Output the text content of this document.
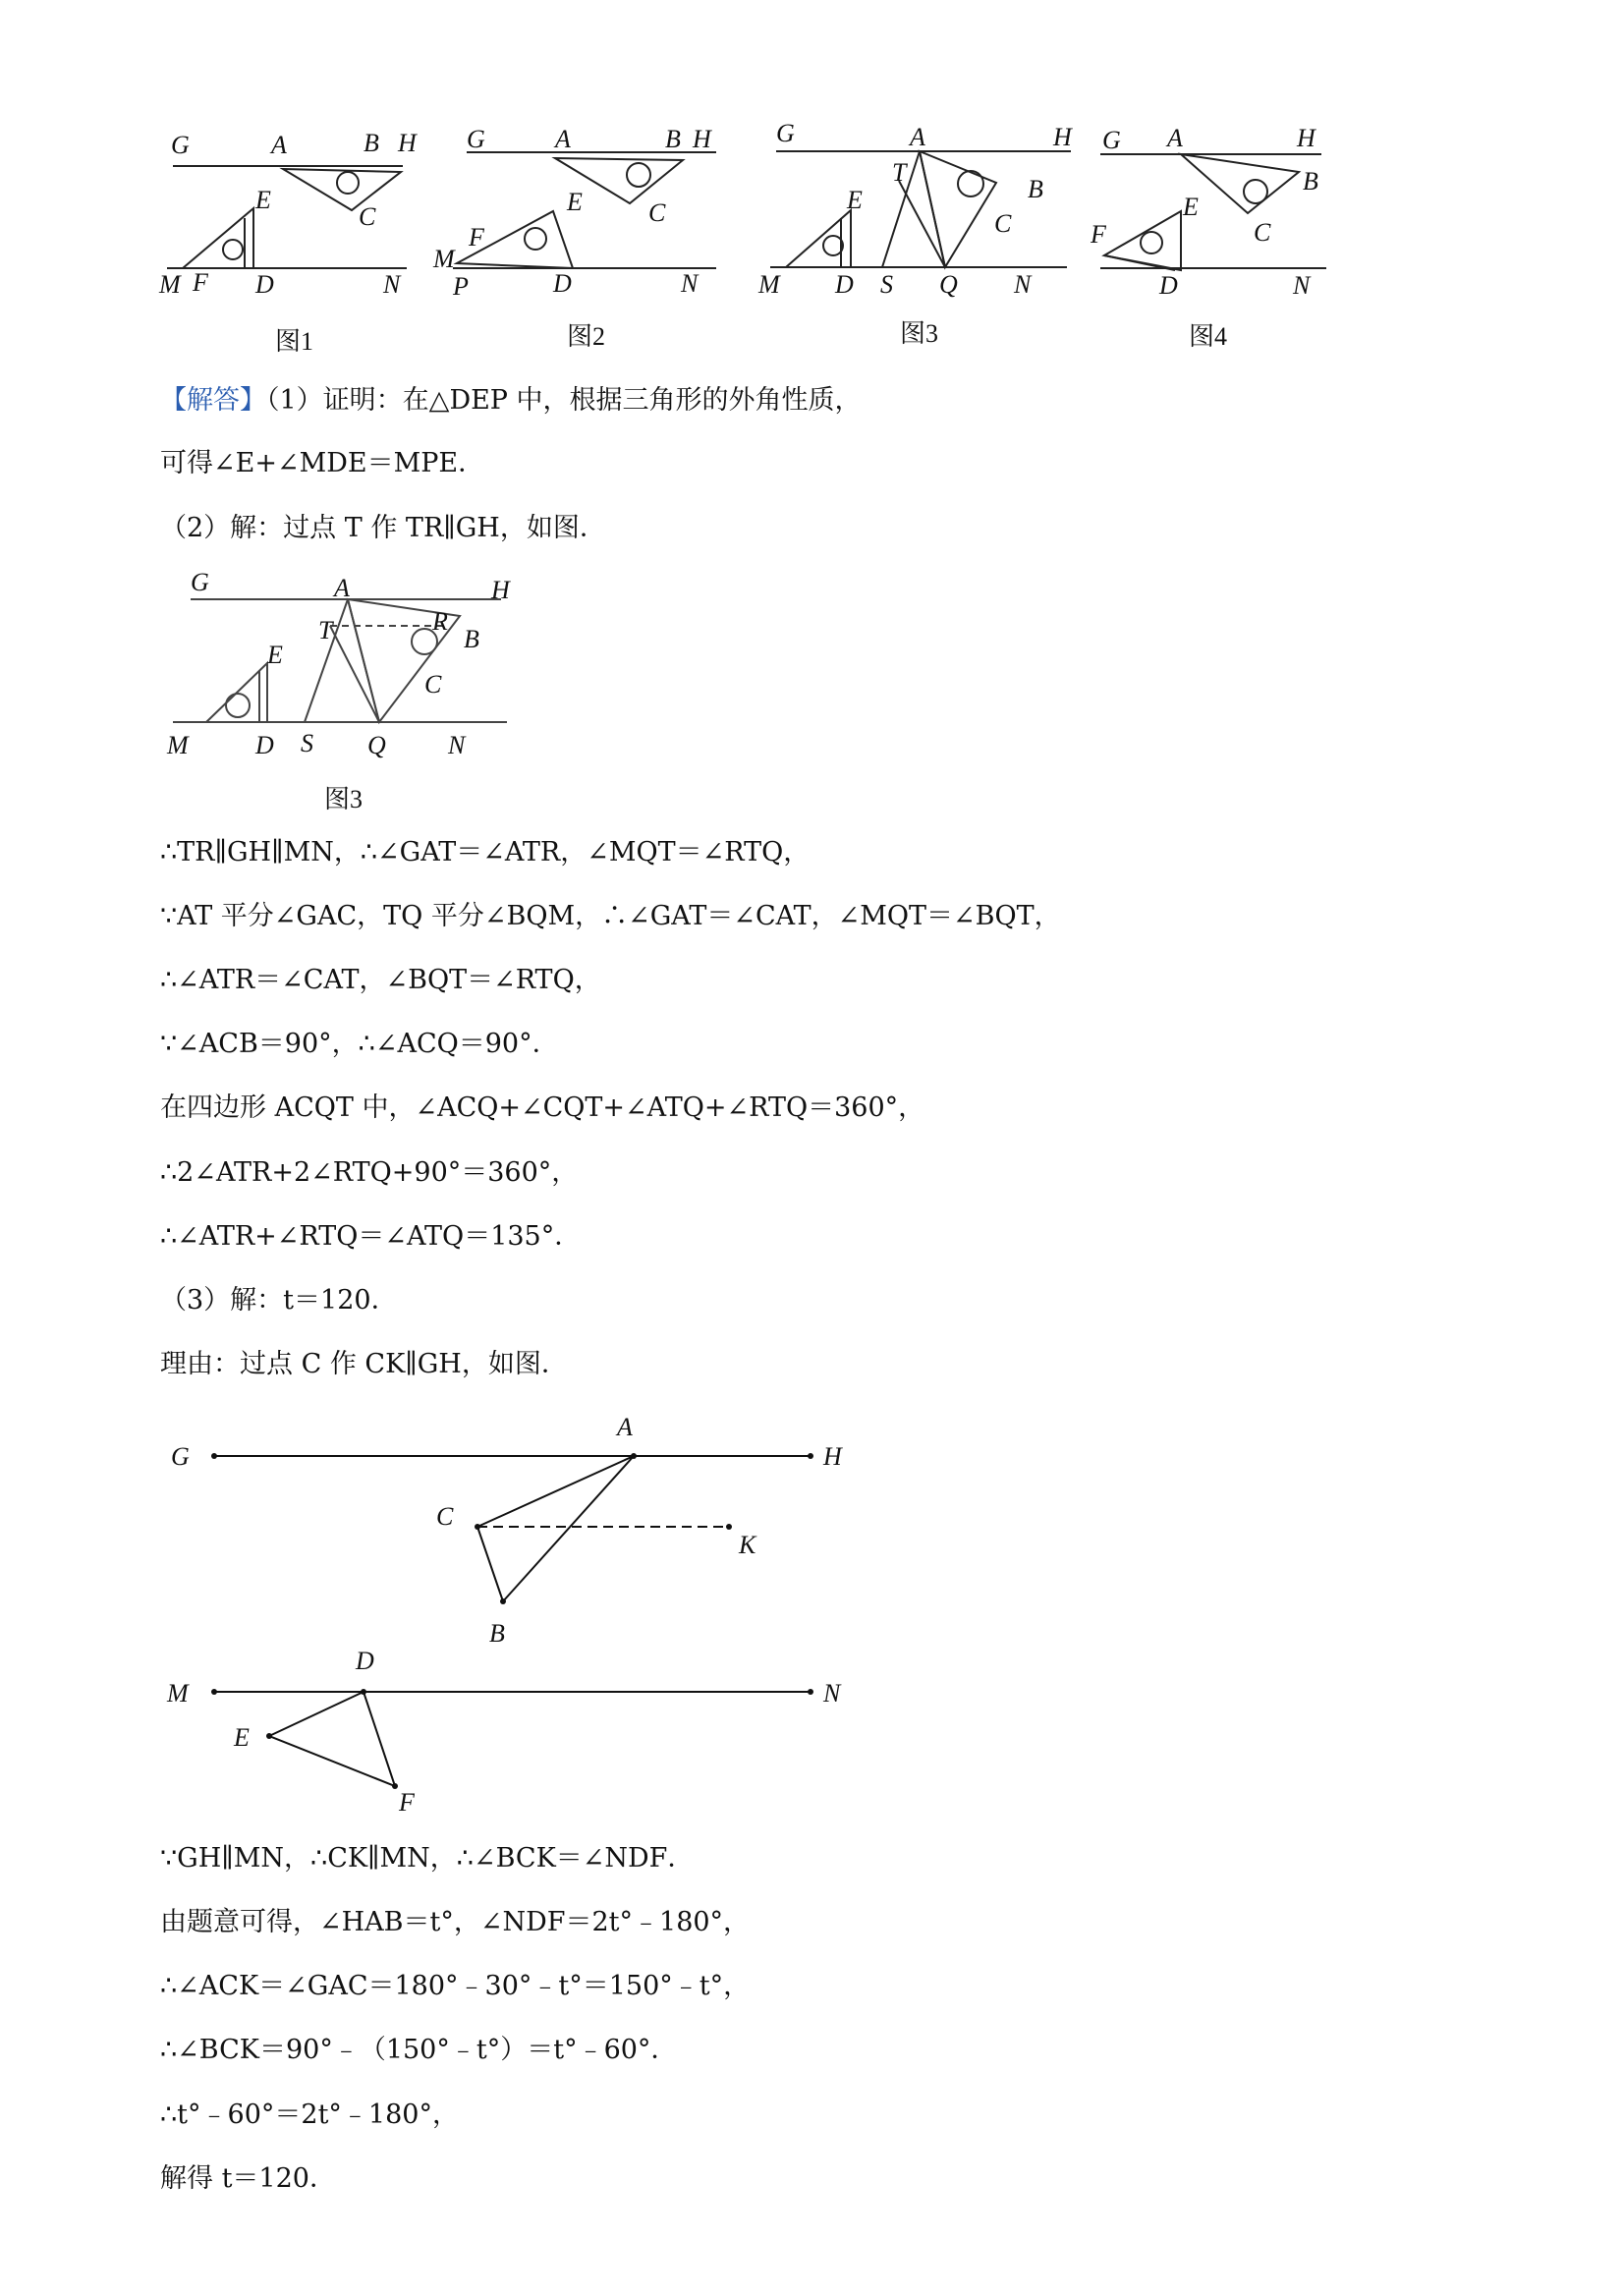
G	A	B H
E
C
M F D	N
图1
G	A	B H
E	C
F
M
P	D	N
图2
G	A	H
T
B
E
C
M D S Q N
图3
G A	H
B
E
C
F
D	N
图4
【解答】（1）证明：在△DEP 中，根据三角形的外角性质，
可得∠E+∠MDE＝MPE．
（2）解：过点 T 作 TR∥GH，如图．
G	A	H
T	R
B
E
C
M	D S Q N
图3
∴TR∥GH∥MN，∴∠GAT＝∠ATR，∠MQT＝∠RTQ，
∵AT 平分∠GAC，TQ 平分∠BQM，∴∠GAT＝∠CAT，∠MQT＝∠BQT，
∴∠ATR＝∠CAT，∠BQT＝∠RTQ，
∵∠ACB＝90°，∴∠ACQ＝90°．
在四边形 ACQT 中，∠ACQ+∠CQT+∠ATQ+∠RTQ＝360°，
∴2∠ATR+2∠RTQ+90°＝360°，
∴∠ATR+∠RTQ＝∠ATQ＝135°．
（3）解：t＝120．
理由：过点 C 作 CK∥GH，如图．
G
A
H
C
K
B
M
D
N
E
F
∵GH∥MN，∴CK∥MN，∴∠BCK＝∠NDF．
由题意可得，∠HAB＝t°，∠NDF＝2t°﹣180°，
∴∠ACK＝∠GAC＝180°﹣30°﹣t°＝150°﹣t°，
∴∠BCK＝90°﹣（150°﹣t°）＝t°﹣60°．
∴t°﹣60°＝2t°﹣180°，
解得 t＝120．
